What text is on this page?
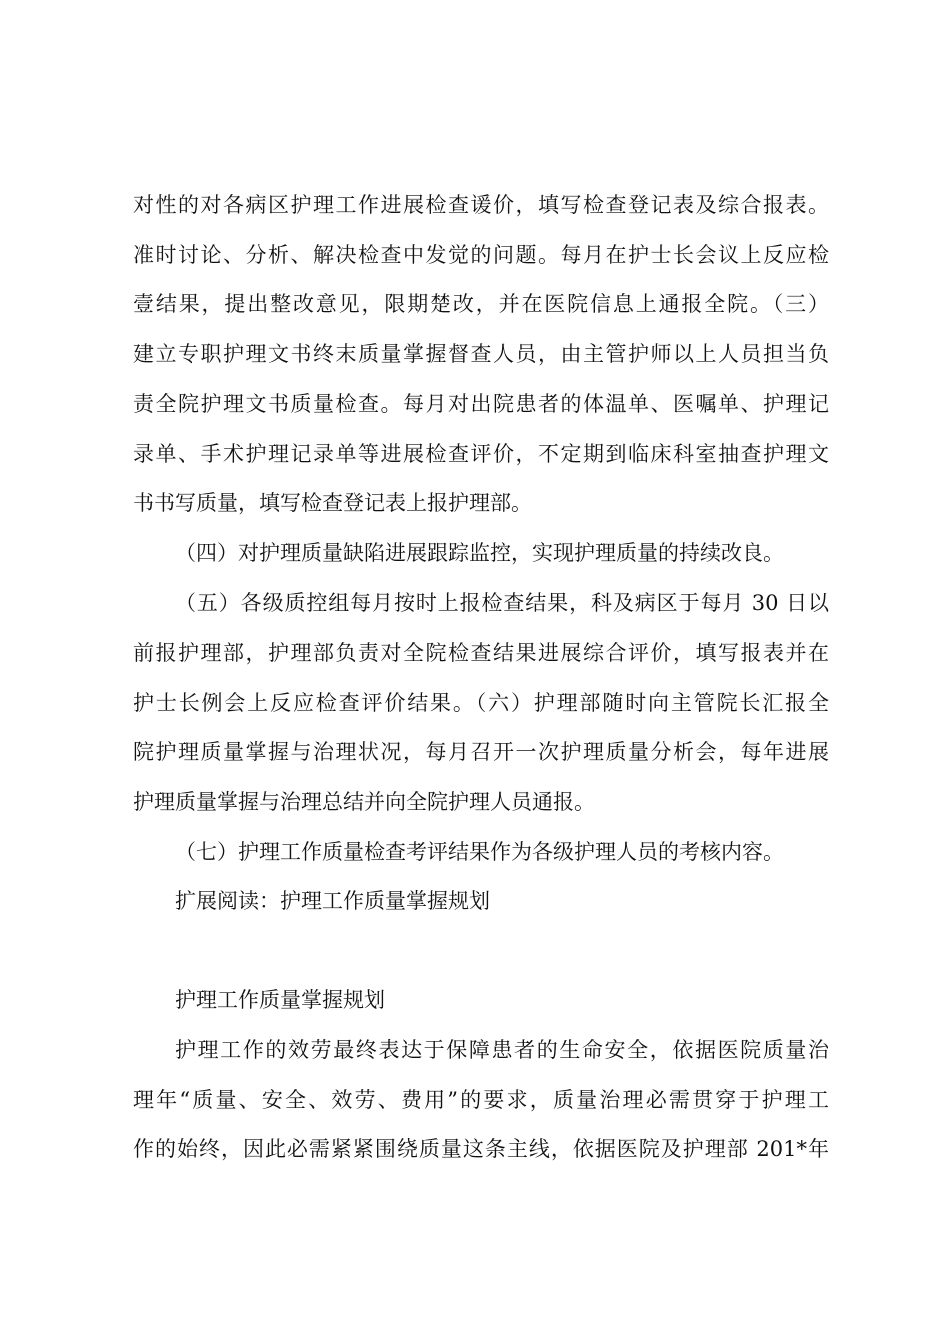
对性的对各病区护理工作进展检查谖价，填写检查登记表及综合报表。
准时讨论、分析、解决检查中发觉的问题。每月在护士长会议上反应检
壹结果，提出整改意见，限期楚改，并在医院信息上通报全院。（三）
建立专职护理文书终末质量掌握督查人员，由主管护师以上人员担当负
责全院护理文书质量检查。每月对出院患者的体温单、医嘱单、护理记
录单、手术护理记录单等进展检查评价，不定期到临床科室抽查护理文
书书写质量，填写检查登记表上报护理部。
（四）对护理质量缺陷进展跟踪监控，实现护理质量的持续改良。
（五）各级质控组每月按时上报检查结果，科及病区于每月 30 日以
前报护理部，护理部负责对全院检查结果进展综合评价，填写报表并在
护士长例会上反应检查评价结果。（六）护理部随时向主管院长汇报全
院护理质量掌握与治理状况，每月召开一次护理质量分析会，每年进展
护理质量掌握与治理总结并向全院护理人员通报。
（七）护理工作质量检查考评结果作为各级护理人员的考核内容。
扩展阅读：护理工作质量掌握规划
护理工作质量掌握规划
护理工作的效劳最终表达于保障患者的生命安全，依据医院质量治
理年“质量、安全、效劳、费用”的要求，质量治理必需贯穿于护理工
作的始终，因此必需紧紧围绕质量这条主线，依据医院及护理部 201*年
